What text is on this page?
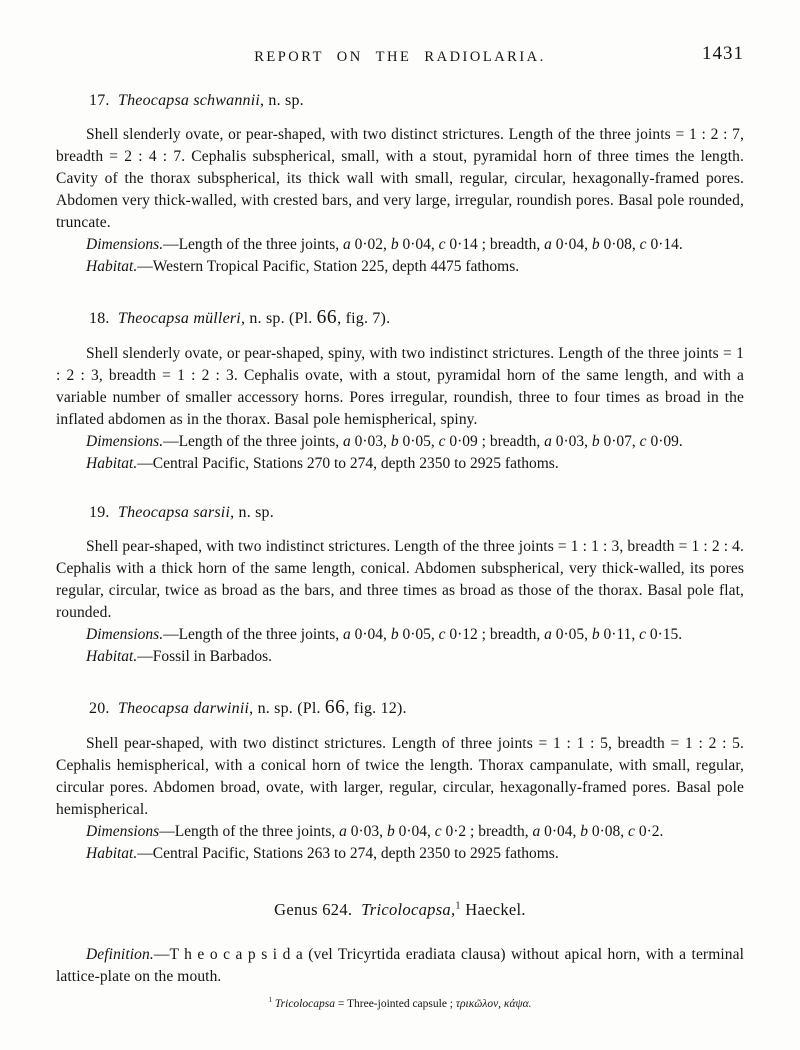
REPORT ON THE RADIOLARIA.	1431
17.  Theocapsa schwannii, n. sp.

Shell slenderly ovate, or pear-shaped, with two distinct strictures. Length of the three joints = 1 : 2 : 7, breadth = 2 : 4 : 7. Cephalis subspherical, small, with a stout, pyramidal horn of three times the length. Cavity of the thorax subspherical, its thick wall with small, regular, circular, hexagonally-framed pores. Abdomen very thick-walled, with crested bars, and very large, irregular, roundish pores. Basal pole rounded, truncate.

Dimensions.—Length of the three joints, a 0·02, b 0·04, c 0·14 ; breadth, a 0·04, b 0·08, c 0·14.

Habitat.—Western Tropical Pacific, Station 225, depth 4475 fathoms.

18.  Theocapsa mülleri, n. sp. (Pl. 66, fig. 7).

Shell slenderly ovate, or pear-shaped, spiny, with two indistinct strictures. Length of the three joints = 1 : 2 : 3, breadth = 1 : 2 : 3. Cephalis ovate, with a stout, pyramidal horn of the same length, and with a variable number of smaller accessory horns. Pores irregular, roundish, three to four times as broad in the inflated abdomen as in the thorax. Basal pole hemispherical, spiny.

Dimensions.—Length of the three joints, a 0·03, b 0·05, c 0·09 ; breadth, a 0·03, b 0·07, c 0·09.

Habitat.—Central Pacific, Stations 270 to 274, depth 2350 to 2925 fathoms.

19.  Theocapsa sarsii, n. sp.

Shell pear-shaped, with two indistinct strictures. Length of the three joints = 1 : 1 : 3, breadth = 1 : 2 : 4. Cephalis with a thick horn of the same length, conical. Abdomen subspherical, very thick-walled, its pores regular, circular, twice as broad as the bars, and three times as broad as those of the thorax. Basal pole flat, rounded.

Dimensions.—Length of the three joints, a 0·04, b 0·05, c 0·12 ; breadth, a 0·05, b 0·11, c 0·15.

Habitat.—Fossil in Barbados.

20.  Theocapsa darwinii, n. sp. (Pl. 66, fig. 12).

Shell pear-shaped, with two distinct strictures. Length of three joints = 1 : 1 : 5, breadth = 1 : 2 : 5. Cephalis hemispherical, with a conical horn of twice the length. Thorax campanulate, with small, regular, circular pores. Abdomen broad, ovate, with larger, regular, circular, hexagonally-framed pores. Basal pole hemispherical.

Dimensions—Length of the three joints, a 0·03, b 0·04, c 0·2 ; breadth, a 0·04, b 0·08, c 0·2.

Habitat.—Central Pacific, Stations 263 to 274, depth 2350 to 2925 fathoms.

Genus 624.  Tricolocapsa,$^1$ Haeckel.

Definition.—T h e o c a p s i d a (vel Tricyrtida eradiata clausa) without apical horn, with a terminal lattice-plate on the mouth.

$^1$ Tricolocapsa = Three-jointed capsule ; τρικῶλον, κάψα.
